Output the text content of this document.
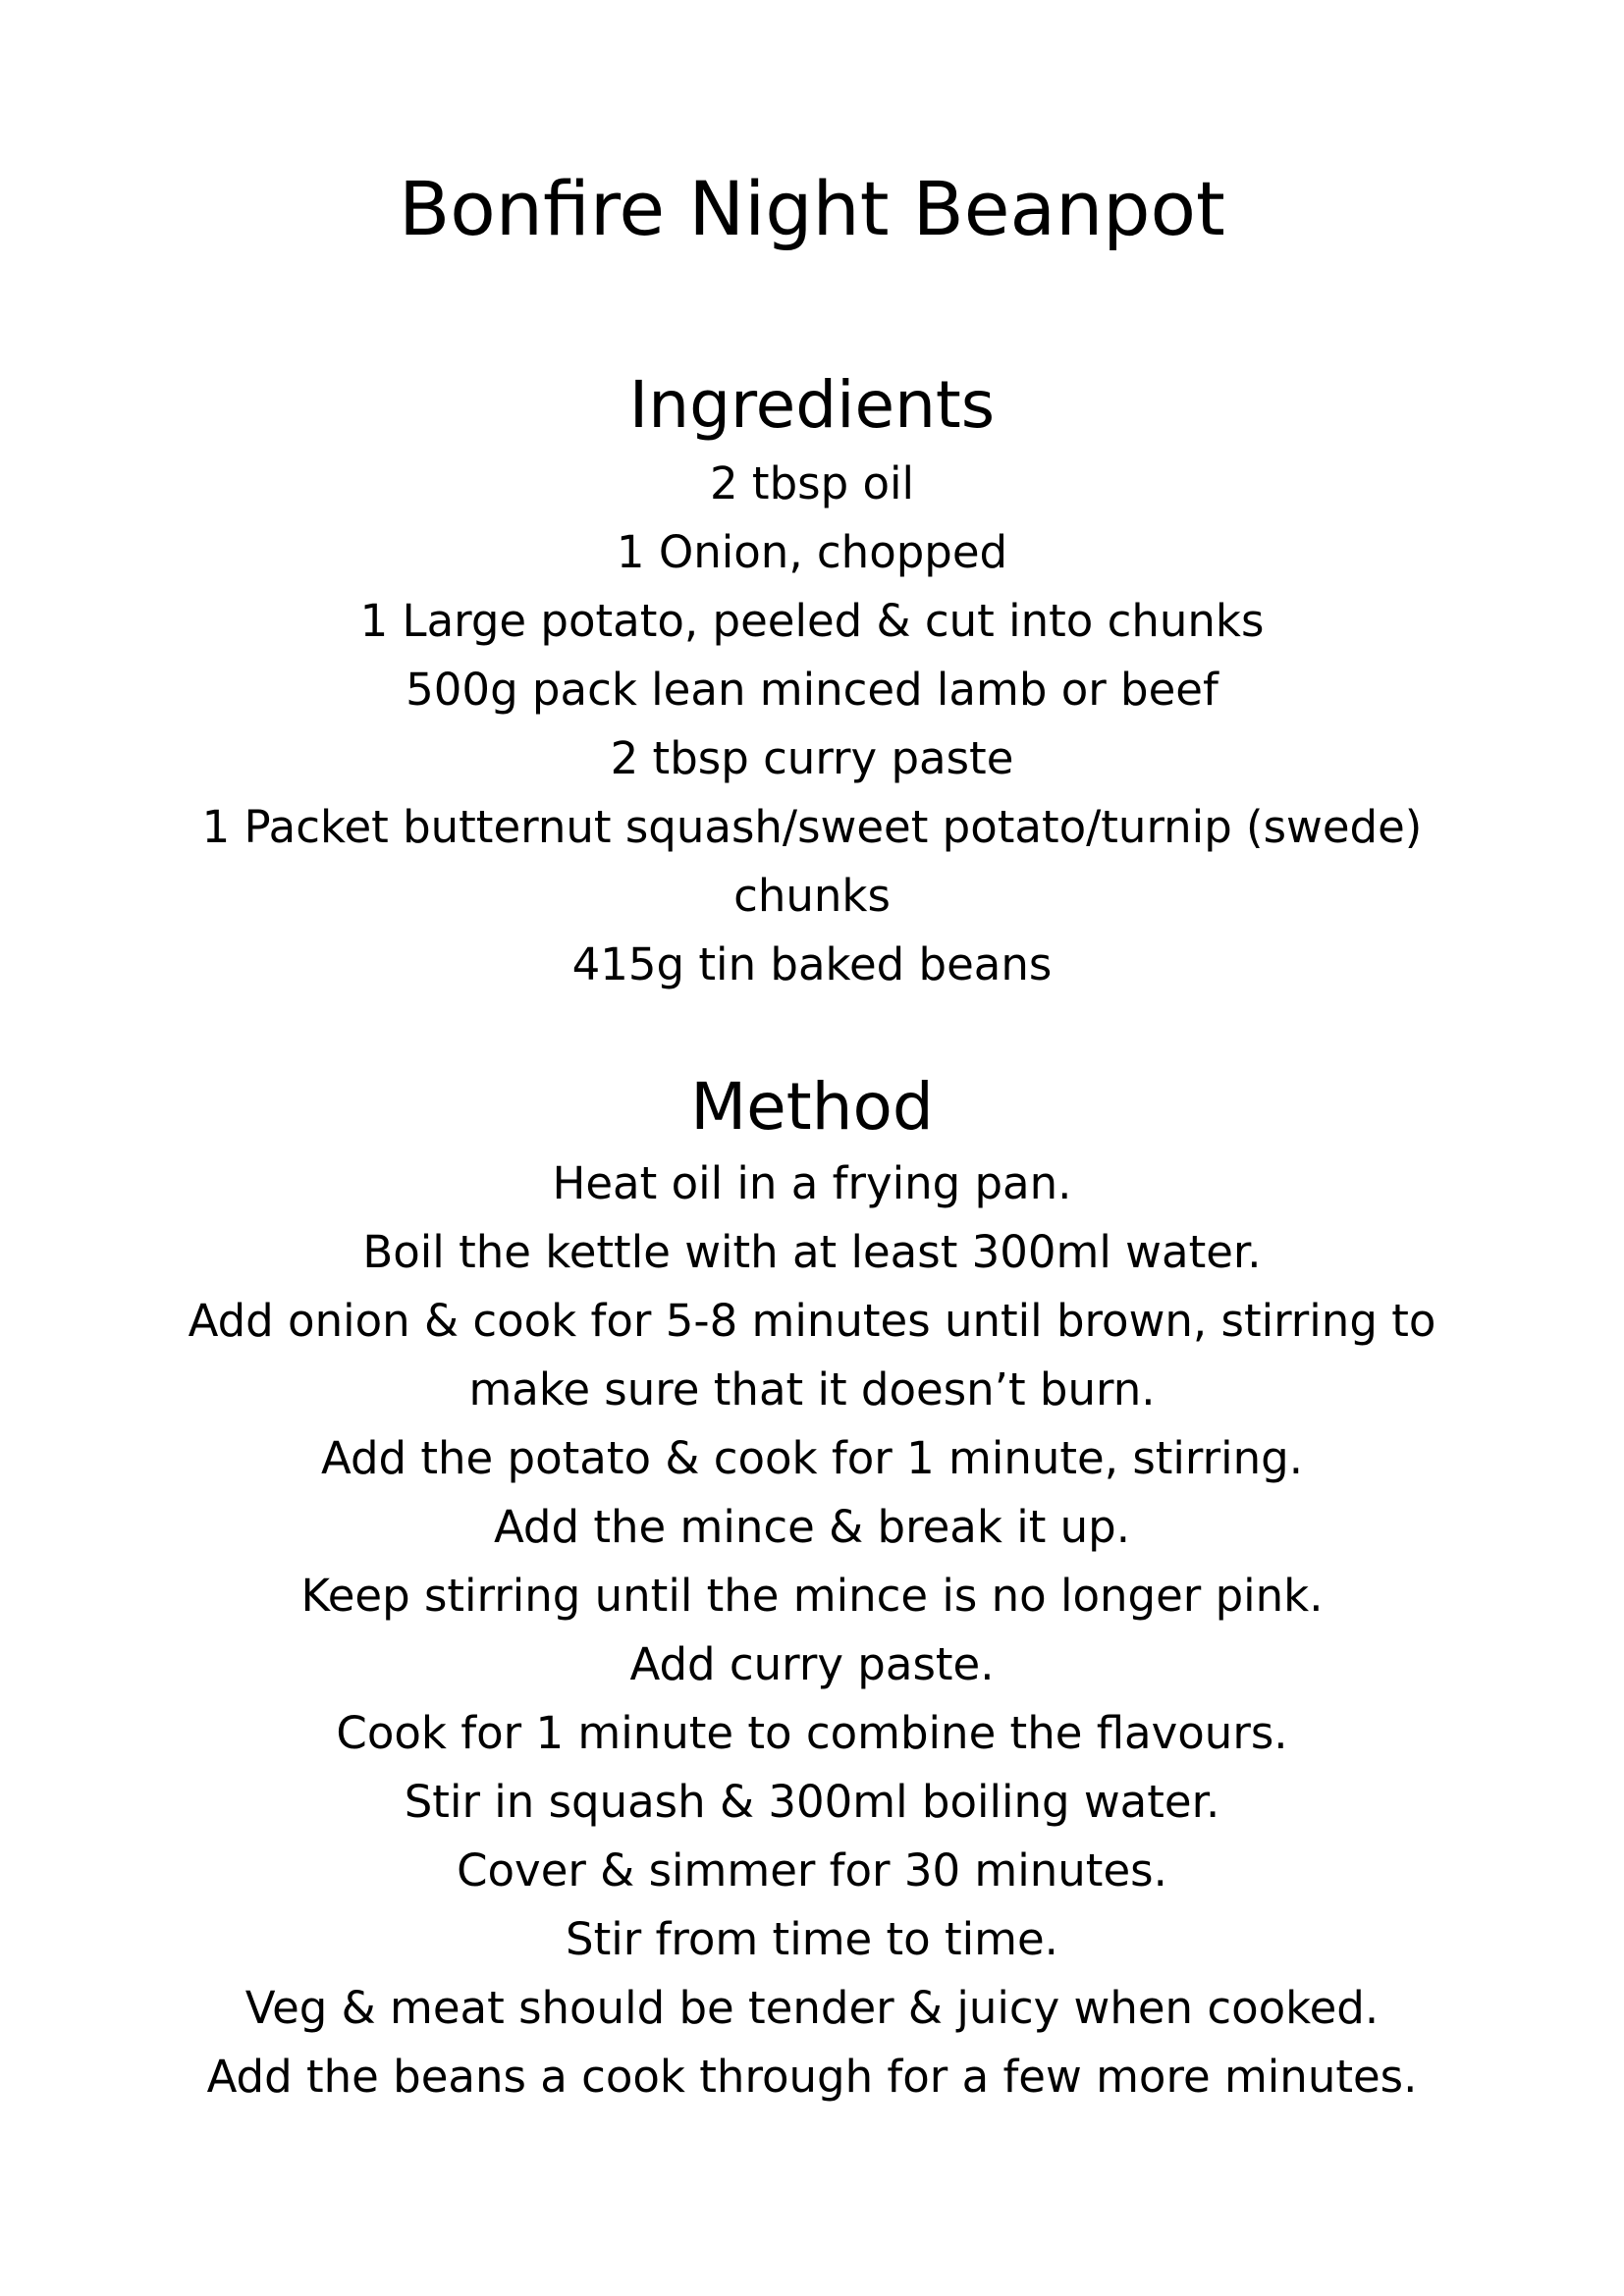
Bonfire Night Beanpot
Ingredients
2 tbsp oil
1 Onion, chopped
1 Large potato, peeled & cut into chunks
500g pack lean minced lamb or beef
2 tbsp curry paste
1 Packet butternut squash/sweet potato/turnip (swede) chunks
415g tin baked beans
Method
Heat oil in a frying pan.
Boil the kettle with at least 300ml water.
Add onion & cook for 5-8 minutes until brown, stirring to make sure that it doesn’t burn.
Add the potato & cook for 1 minute, stirring.
Add the mince & break it up.
Keep stirring until the mince is no longer pink.
Add curry paste.
Cook for 1 minute to combine the flavours.
Stir in squash & 300ml boiling water.
Cover & simmer for 30 minutes.
Stir from time to time.
Veg & meat should be tender & juicy when cooked.
Add the beans a cook through for a few more minutes.
